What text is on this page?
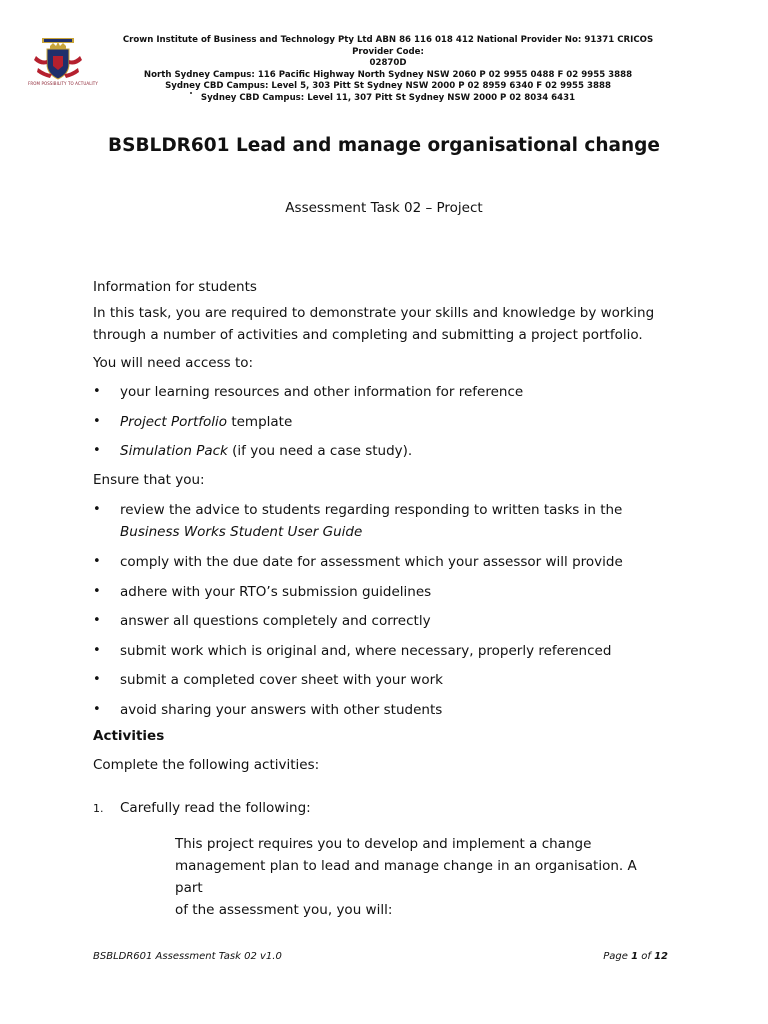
FROM POSSIBILITY TO ACTUALITY
Crown Institute of Business and Technology Pty Ltd ABN 86 116 018 412 National Provider No: 91371 CRICOS Provider Code:
02870D
North Sydney Campus: 116 Pacific Highway North Sydney NSW 2060 P 02 9955 0488 F 02 9955 3888
Sydney CBD Campus: Level 5, 303 Pitt St Sydney NSW 2000 P 02 8959 6340 F 02 9955 3888
Sydney CBD Campus: Level 11, 307 Pitt St Sydney NSW 2000 P 02 8034 6431
BSBLDR601 Lead and manage organisational change
Assessment Task 02 – Project
Information for students
In this task, you are required to demonstrate your skills and knowledge by working
through a number of activities and completing and submitting a project portfolio.
You will need access to:
• your learning resources and other information for reference
• Project Portfolio template
• Simulation Pack (if you need a case study).
Ensure that you:
• review the advice to students regarding responding to written tasks in the
Business Works Student User Guide
• comply with the due date for assessment which your assessor will provide
• adhere with your RTO’s submission guidelines
• answer all questions completely and correctly
• submit work which is original and, where necessary, properly referenced
• submit a completed cover sheet with your work
• avoid sharing your answers with other students
Activities
Complete the following activities:
1. Carefully read the following:
This project requires you to develop and implement a change
management plan to lead and manage change in an organisation. A part
of the assessment you, you will:
BSBLDR601 Assessment Task 02 v1.0	Page 1 of 12
